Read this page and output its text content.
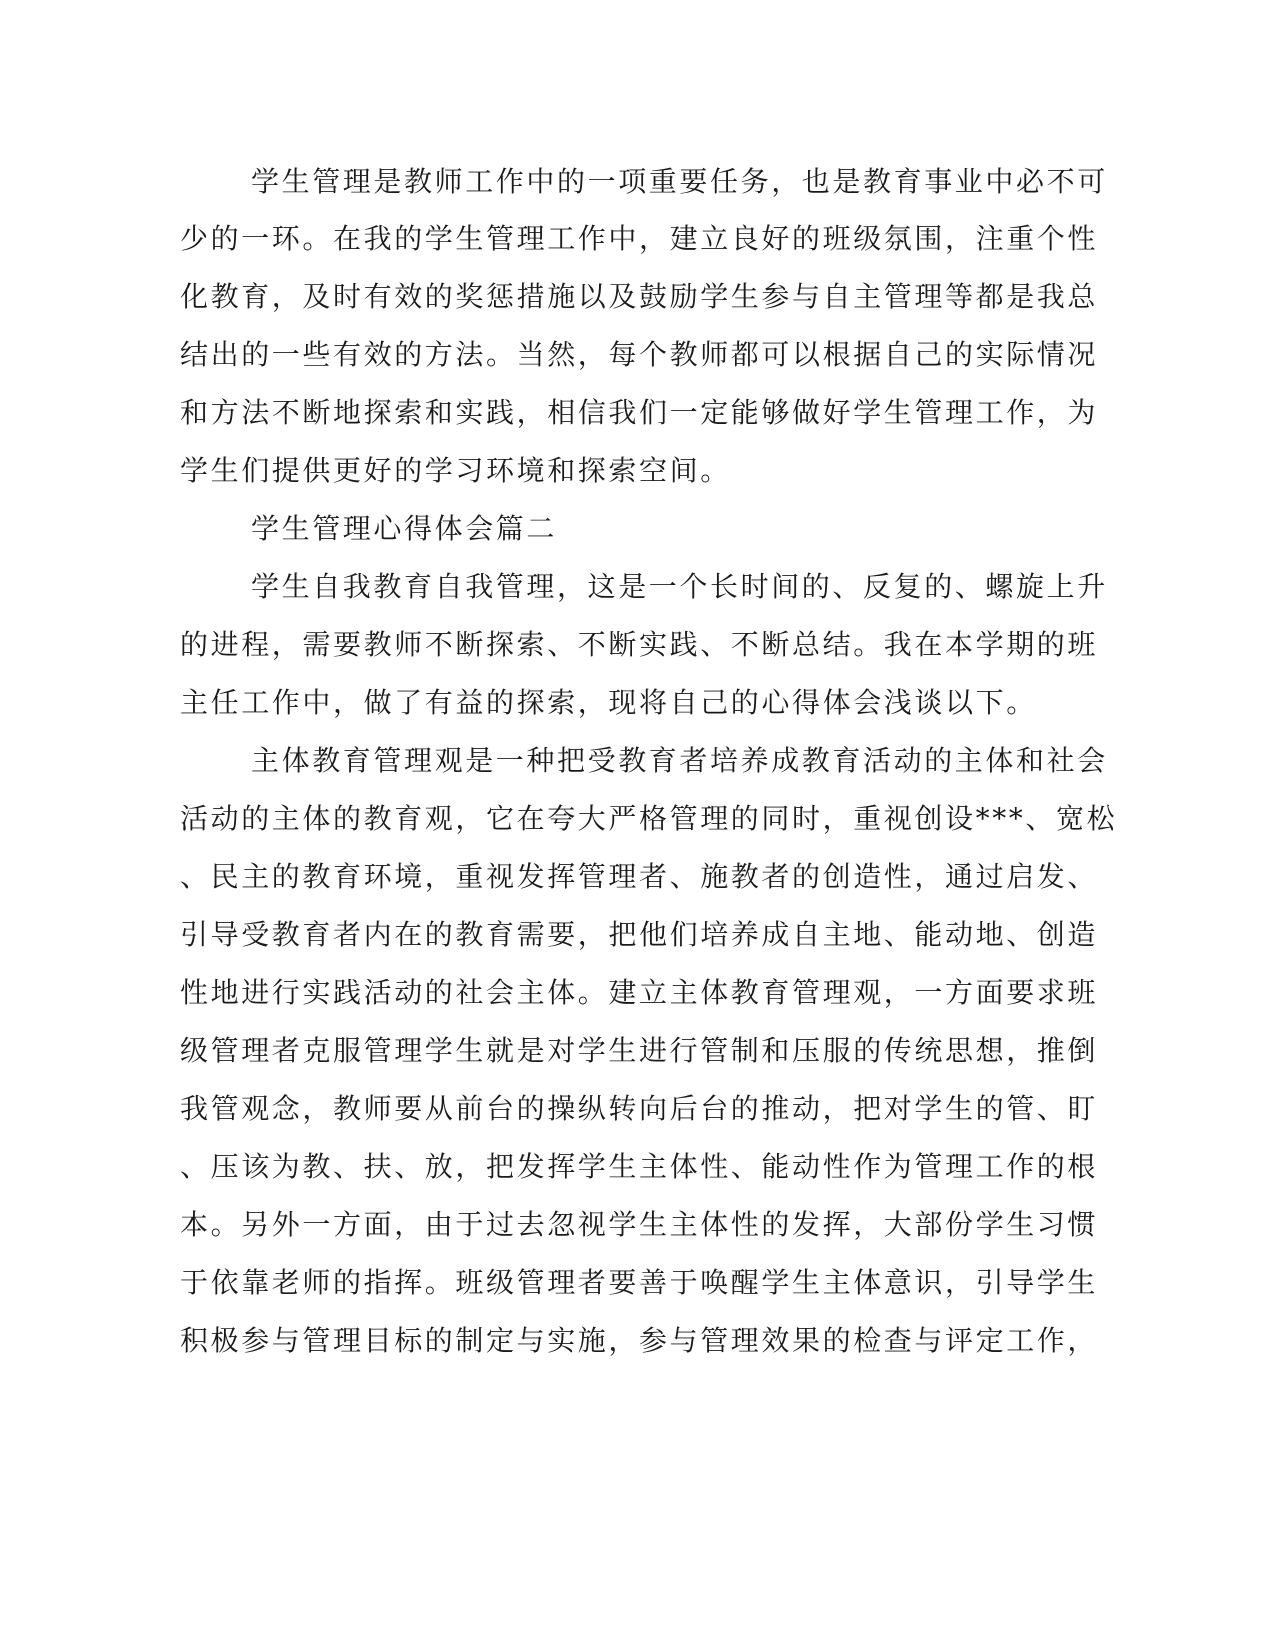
学生管理是教师工作中的一项重要任务，也是教育事业中必不可
少的一环。在我的学生管理工作中，建立良好的班级氛围，注重个性
化教育，及时有效的奖惩措施以及鼓励学生参与自主管理等都是我总
结出的一些有效的方法。当然，每个教师都可以根据自己的实际情况
和方法不断地探索和实践，相信我们一定能够做好学生管理工作，为
学生们提供更好的学习环境和探索空间。
学生管理心得体会篇二
学生自我教育自我管理，这是一个长时间的、反复的、螺旋上升
的进程，需要教师不断探索、不断实践、不断总结。我在本学期的班
主任工作中，做了有益的探索，现将自己的心得体会浅谈以下。
主体教育管理观是一种把受教育者培养成教育活动的主体和社会
活动的主体的教育观，它在夸大严格管理的同时，重视创设***、宽松
、民主的教育环境，重视发挥管理者、施教者的创造性，通过启发、
引导受教育者内在的教育需要，把他们培养成自主地、能动地、创造
性地进行实践活动的社会主体。建立主体教育管理观，一方面要求班
级管理者克服管理学生就是对学生进行管制和压服的传统思想，推倒
我管观念，教师要从前台的操纵转向后台的推动，把对学生的管、盯
、压该为教、扶、放，把发挥学生主体性、能动性作为管理工作的根
本。另外一方面，由于过去忽视学生主体性的发挥，大部份学生习惯
于依靠老师的指挥。班级管理者要善于唤醒学生主体意识，引导学生
积极参与管理目标的制定与实施，参与管理效果的检查与评定工作，
